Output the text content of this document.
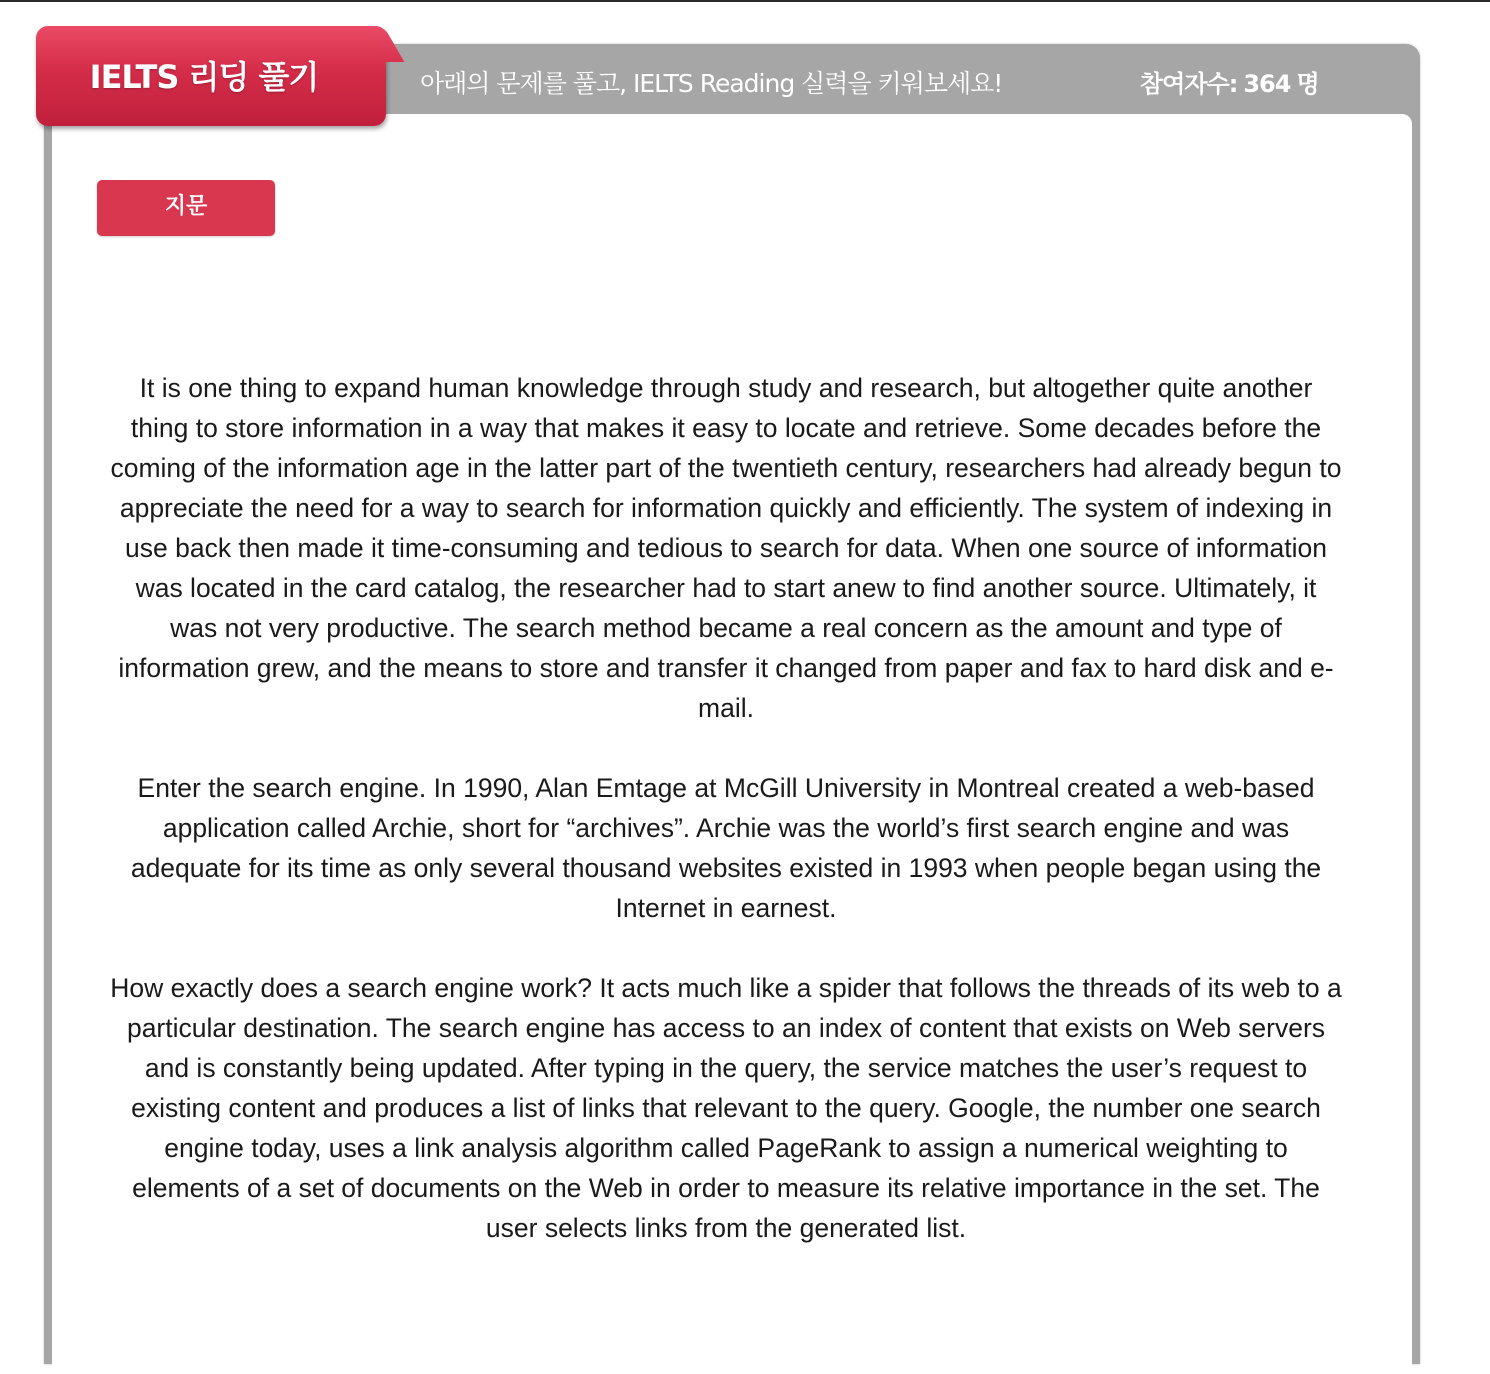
IELTS 리딩 풀기	아래의 문제를 풀고, IELTS Reading 실력을 키워보세요!	참여자수: 364 명
지문

It is one thing to expand human knowledge through study and research, but altogether quite another thing to store information in a way that makes it easy to locate and retrieve. Some decades before the coming of the information age in the latter part of the twentieth century, researchers had already begun to appreciate the need for a way to search for information quickly and efficiently. The system of indexing in use back then made it time-consuming and tedious to search for data. When one source of information was located in the card catalog, the researcher had to start anew to find another source. Ultimately, it was not very productive. The search method became a real concern as the amount and type of information grew, and the means to store and transfer it changed from paper and fax to hard disk and e-mail.

Enter the search engine. In 1990, Alan Emtage at McGill University in Montreal created a web-based application called Archie, short for “archives”. Archie was the world’s first search engine and was adequate for its time as only several thousand websites existed in 1993 when people began using the Internet in earnest.

How exactly does a search engine work? It acts much like a spider that follows the threads of its web to a particular destination. The search engine has access to an index of content that exists on Web servers and is constantly being updated. After typing in the query, the service matches the user’s request to existing content and produces a list of links that relevant to the query. Google, the number one search engine today, uses a link analysis algorithm called PageRank to assign a numerical weighting to elements of a set of documents on the Web in order to measure its relative importance in the set. The user selects links from the generated list.
